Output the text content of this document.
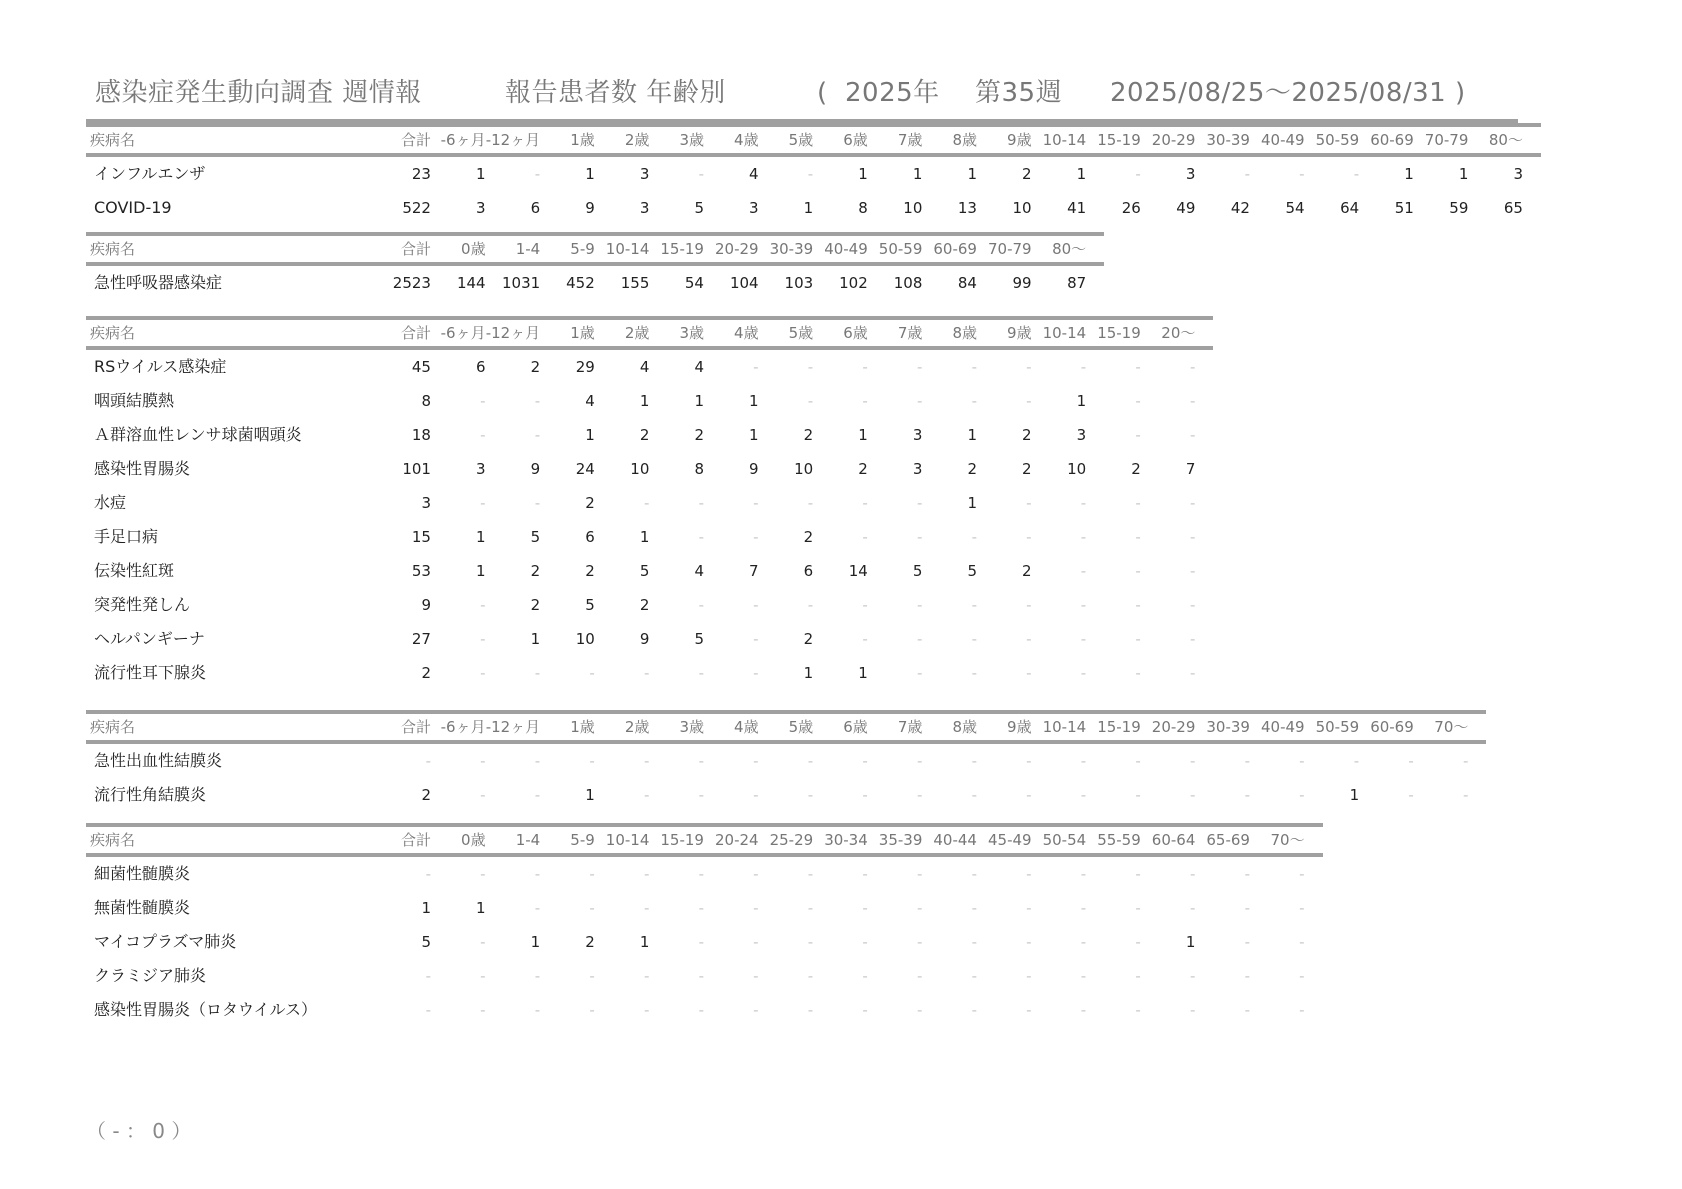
感染症発生動向調査 週情報	報告患者数 年齢別	( 2025年 第35週 2025/08/25～2025/08/31 )
疾病名	合計 -6ヶ月 -12ヶ月	1歳	2歳	3歳	4歳	5歳	6歳	7歳	8歳	9歳 10-14 15-19 20-29 30-39 40-49 50-59 60-69 70-79	80～
インフルエンザ	23	1	-	1	3	-	4	-	1	1	1	2	1	-	3	-	-	-	1	1	3
COVID-19	522	3	6	9	3	5	3	1	8	10	13	10	41	26	49	42	54	64	51	59	65
疾病名	合計	0歳	1-4	5-9 10-14 15-19 20-29 30-39 40-49 50-59 60-69 70-79	80～
急性呼吸器感染症	2523	144	1031	452	155	54	104	103	102	108	84	99	87
疾病名	合計 -6ヶ月 -12ヶ月	1歳	2歳	3歳	4歳	5歳	6歳	7歳	8歳	9歳 10-14 15-19	20～
RSウイルス感染症	45	6	2	29	4	4	-	-	-	-	-	-	-	-	-
咽頭結膜熱	8	-	-	4	1	1	1	-	-	-	-	-	1	-	-
Ａ群溶血性レンサ球菌咽頭炎	18	-	-	1	2	2	1	2	1	3	1	2	3	-	-
感染性胃腸炎	101	3	9	24	10	8	9	10	2	3	2	2	10	2	7
水痘	3	-	-	2	-	-	-	-	-	-	1	-	-	-	-
手足口病	15	1	5	6	1	-	-	2	-	-	-	-	-	-	-
伝染性紅斑	53	1	2	2	5	4	7	6	14	5	5	2	-	-	-
突発性発しん	9	-	2	5	2	-	-	-	-	-	-	-	-	-	-
ヘルパンギーナ	27	-	1	10	9	5	-	2	-	-	-	-	-	-	-
流行性耳下腺炎	2	-	-	-	-	-	-	1	1	-	-	-	-	-	-
疾病名	合計 -6ヶ月 -12ヶ月	1歳	2歳	3歳	4歳	5歳	6歳	7歳	8歳	9歳 10-14 15-19 20-29 30-39 40-49 50-59 60-69	70～
急性出血性結膜炎	-	-	-	-	-	-	-	-	-	-	-	-	-	-	-	-	-	-	-	-
流行性角結膜炎	2	-	-	1	-	-	-	-	-	-	-	-	-	-	-	-	-	1	-	-
疾病名	合計	0歳	1-4	5-9 10-14 15-19 20-24 25-29 30-34 35-39 40-44 45-49 50-54 55-59 60-64 65-69	70～
細菌性髄膜炎	-	-	-	-	-	-	-	-	-	-	-	-	-	-	-	-	-
無菌性髄膜炎	1	1	-	-	-	-	-	-	-	-	-	-	-	-	-	-	-
マイコプラズマ肺炎	5	-	1	2	1	-	-	-	-	-	-	-	-	-	1	-	-
クラミジア肺炎	-	-	-	-	-	-	-	-	-	-	-	-	-	-	-	-	-
感染性胃腸炎（ロタウイルス）	-	-	-	-	-	-	-	-	-	-	-	-	-	-	-	-	-
（ - ： 0 ）
